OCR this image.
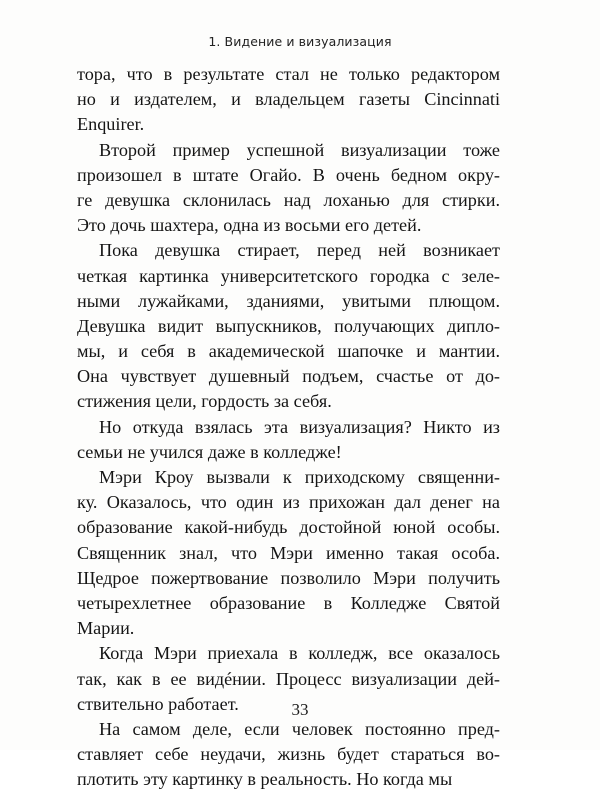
1. Видение и визуализация
тора, что в результате стал не только редактором
но и издателем, и владельцем газеты Cincinnati
Enquirer.
Второй пример успешной визуализации тоже
произошел в штате Огайо. В очень бедном окру-
ге девушка склонилась над лоханью для стирки.
Это дочь шахтера, одна из восьми его детей.
Пока девушка стирает, перед ней возникает
четкая картинка университетского городка с зеле-
ными лужайками, зданиями, увитыми плющом.
Девушка видит выпускников, получающих дипло-
мы, и себя в академической шапочке и мантии.
Она чувствует душевный подъем, счастье от до-
стижения цели, гордость за себя.
Но откуда взялась эта визуализация? Никто из
семьи не учился даже в колледже!
Мэри Кроу вызвали к приходскому священни-
ку. Оказалось, что один из прихожан дал денег на
образование какой-нибудь достойной юной особы.
Священник знал, что Мэри именно такая особа.
Щедрое пожертвование позволило Мэри получить
четырехлетнее образование в Колледже Святой
Марии.
Когда Мэри приехала в колледж, все оказалось
так, как в ее видéнии. Процесс визуализации дей-
ствительно работает.
На самом деле, если человек постоянно пред-
ставляет себе неудачи, жизнь будет стараться во-
плотить эту картинку в реальность. Но когда мы
33
